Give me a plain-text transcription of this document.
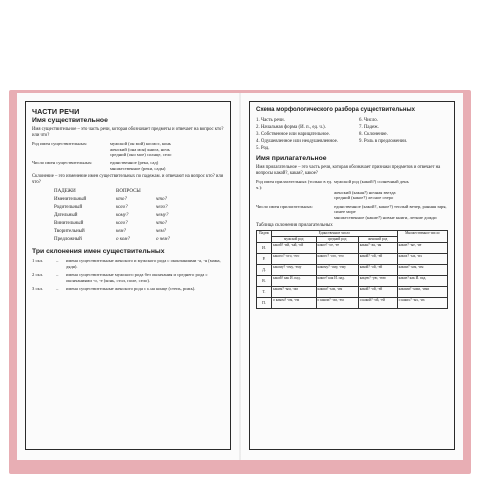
ЧАСТИ РЕЧИ
Имя существительное
Имя существительное – это часть речи, которая обозначает предметы и отвечает на вопрос кто? или что?
Род имен существительных:	мужской (он мой) космос, конь
женский (она моя) книга, ночь
средний (оно мое) солнце, село
Число имен существительных:	единственное (река, сад)
множественное (реки, сады)
Склонение – это изменение имен существительных по падежам. и отвечают на вопрос кто? или что?
ПАДЕЖИ	ВОПРОСЫ
Именительный	кто?	что?
Родительный	кого?	чего?
Дательный	кому?	чему?
Винительный	кого?	что?
Творительный	кем?	чем?
Предложный	о ком?	о чем?
Три склонения имен существительных
1 скл.	–	имена существительные женского и мужского рода с окончаниями -а, -я (мама, дядя).
2 скл.	–	имена существительные мужского рода без окончания и среднего рода с окончаниями -о, -е (конь, стол, поле, село).
3 скл.	–	имена существительные женского рода с ь на конце (степь, рожь).
Схема морфологического разбора существительных
1. Часть речи.
2. Начальная форма (И. п., ед. ч.).
3. Собственное или нарицательное.
4. Одушевленное или неодушевленное.
5. Род.
6. Число.
7. Падеж.
8. Склонение.
9. Роль в предложении.
Имя прилагательное
Имя прилагательное – это часть речи, которая обозначает признаки предметов и отвечает на вопросы какой?, какая?, какое?
Род имен прилагательных (только в ед. ч.):
мужской род (какой?) солнечный день
женский (какая?) ночная звезда
средний (какое?) лесное озеро
Число имен прилагательных:	единственное (какой?, какое?) теплый вечер, ранняя заря, синее море
множественное (какие?) новые книги, летние дожди
Таблица склонения прилагательных
Падеж	Единственное число			Множественное число
	мужской род	средний род	женский род	
И.	какой? -ий, -ый, -ой	какое? -ое, -ее	какая? -ая, -яя	какие? -ые, -ие
Р.	какого? -ого, -его	какого? -ого, -его	какой? -ой, -ей	каких? -ых, -их
Д.	какому? -ому, -ему	какому? -ому, -ему	какой? -ой, -ей	каким? -ым, -им
В.	какой? как И. пад.	какое? как И. пад.	какую? -ую, -юю	какие? как И. пад.
Т.	каким? -ым, -им	каким? -ым, -им	какой? -ой, -ей	какими? -ыми, -ими
П.	о каком? -ом, -ем	о каком? -ом, -ем	о какой? -ой, -ей	о каких? -ых, -их
